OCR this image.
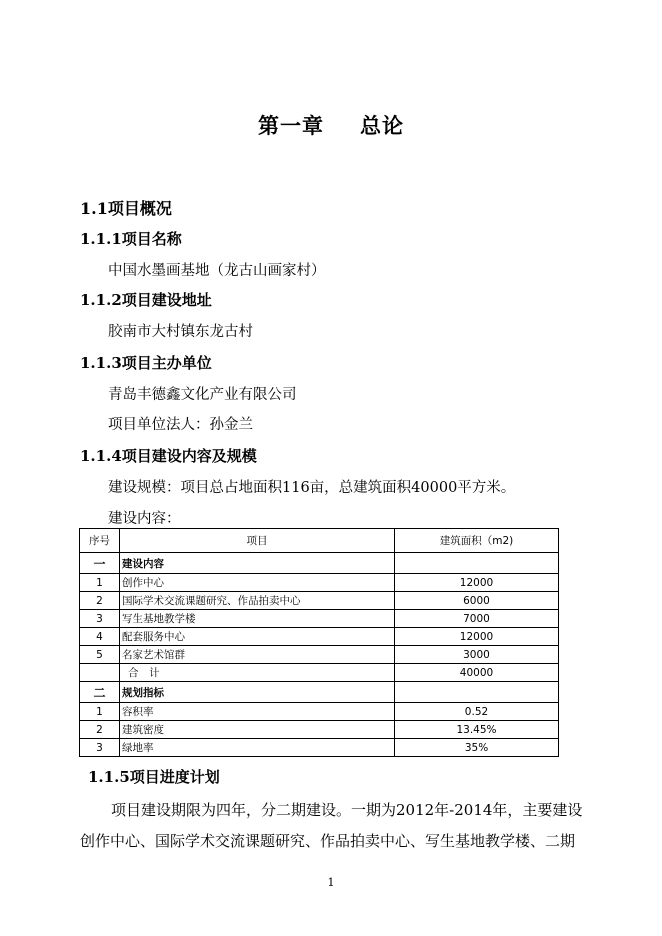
第一章 总论
1.1项目概况
1.1.1项目名称
中国水墨画基地（龙古山画家村）
1.1.2项目建设地址
胶南市大村镇东龙古村
1.1.3项目主办单位
青岛丰德鑫文化产业有限公司
项目单位法人：孙金兰
1.1.4项目建设内容及规模
建设规模：项目总占地面积116亩，总建筑面积40000平方米。
建设内容：
序号	项目	建筑面积（m2)
一	建设内容	
1	创作中心	12000
2	国际学术交流课题研究、作品拍卖中心	6000
3	写生基地教学楼	7000
4	配套服务中心	12000
5	名家艺术馆群	3000
	合　计	40000
二	规划指标	
1	容积率	0.52
2	建筑密度	13.45%
3	绿地率	35%
1.1.5项目进度计划
项目建设期限为四年，分二期建设。一期为2012年-2014年，主要建设
创作中心、国际学术交流课题研究、作品拍卖中心、写生基地教学楼、二期
1
